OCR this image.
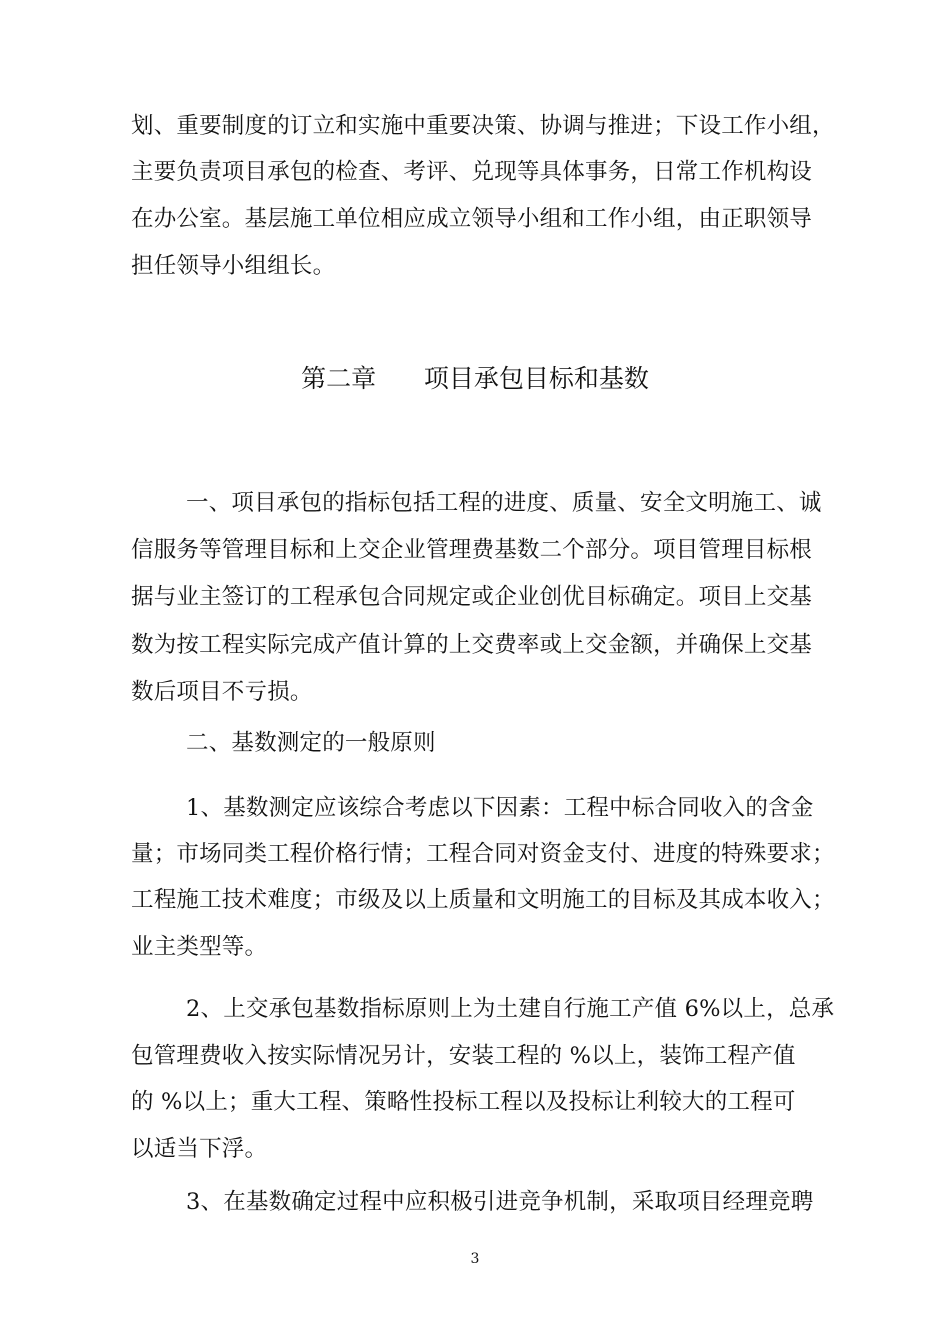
划、重要制度的订立和实施中重要决策、协调与推进；下设工作小组，
主要负责项目承包的检查、考评、兑现等具体事务，日常工作机构设
在办公室。基层施工单位相应成立领导小组和工作小组，由正职领导
担任领导小组组长。
第二章      项目承包目标和基数
一、项目承包的指标包括工程的进度、质量、安全文明施工、诚
信服务等管理目标和上交企业管理费基数二个部分。项目管理目标根
据与业主签订的工程承包合同规定或企业创优目标确定。项目上交基
数为按工程实际完成产值计算的上交费率或上交金额，并确保上交基
数后项目不亏损。
二、基数测定的一般原则
1、基数测定应该综合考虑以下因素：工程中标合同收入的含金
量；市场同类工程价格行情；工程合同对资金支付、进度的特殊要求；
工程施工技术难度；市级及以上质量和文明施工的目标及其成本收入；
业主类型等。
2、上交承包基数指标原则上为土建自行施工产值 6%以上，总承
包管理费收入按实际情况另计，安装工程的 %以上，装饰工程产值
的 %以上；重大工程、策略性投标工程以及投标让利较大的工程可
以适当下浮。
3、在基数确定过程中应积极引进竞争机制，采取项目经理竞聘
3
